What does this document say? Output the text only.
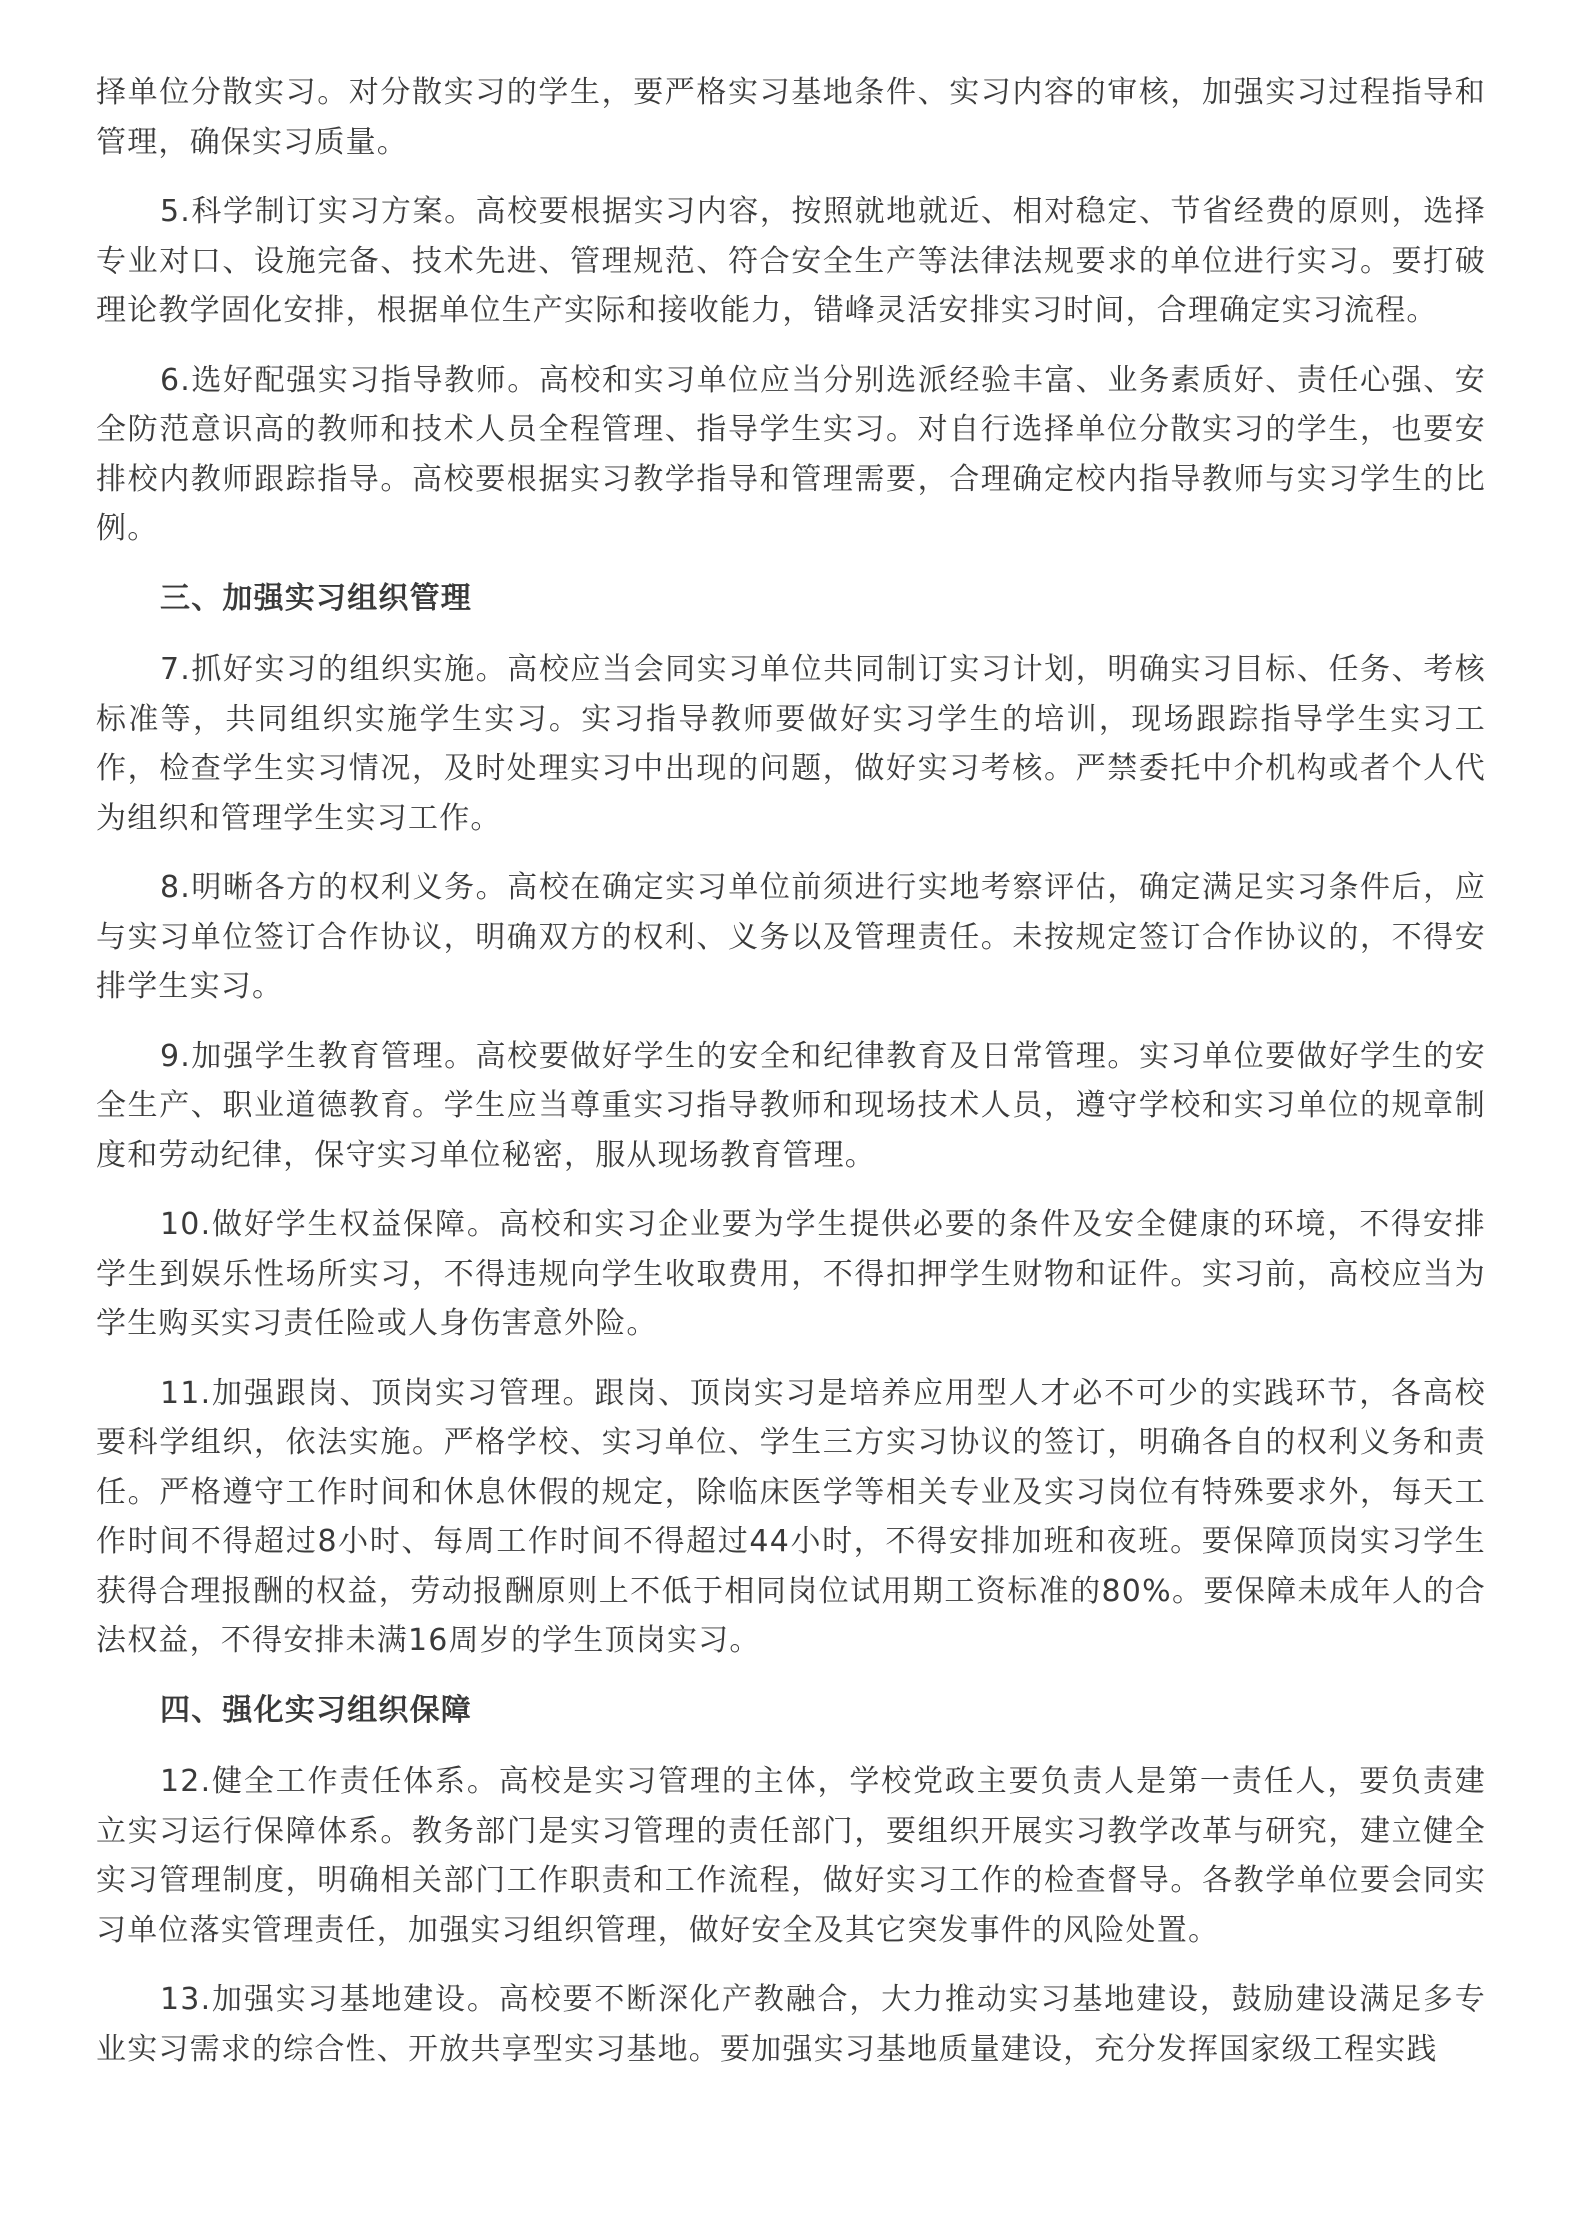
择单位分散实习。对分散实习的学生，要严格实习基地条件、实习内容的审核，加强实习过程指导和管理，确保实习质量。

5.科学制订实习方案。高校要根据实习内容，按照就地就近、相对稳定、节省经费的原则，选择专业对口、设施完备、技术先进、管理规范、符合安全生产等法律法规要求的单位进行实习。要打破理论教学固化安排，根据单位生产实际和接收能力，错峰灵活安排实习时间，合理确定实习流程。

6.选好配强实习指导教师。高校和实习单位应当分别选派经验丰富、业务素质好、责任心强、安全防范意识高的教师和技术人员全程管理、指导学生实习。对自行选择单位分散实习的学生，也要安排校内教师跟踪指导。高校要根据实习教学指导和管理需要，合理确定校内指导教师与实习学生的比例。

三、加强实习组织管理

7.抓好实习的组织实施。高校应当会同实习单位共同制订实习计划，明确实习目标、任务、考核标准等，共同组织实施学生实习。实习指导教师要做好实习学生的培训，现场跟踪指导学生实习工作，检查学生实习情况，及时处理实习中出现的问题，做好实习考核。严禁委托中介机构或者个人代为组织和管理学生实习工作。

8.明晰各方的权利义务。高校在确定实习单位前须进行实地考察评估，确定满足实习条件后，应与实习单位签订合作协议，明确双方的权利、义务以及管理责任。未按规定签订合作协议的，不得安排学生实习。

9.加强学生教育管理。高校要做好学生的安全和纪律教育及日常管理。实习单位要做好学生的安全生产、职业道德教育。学生应当尊重实习指导教师和现场技术人员，遵守学校和实习单位的规章制度和劳动纪律，保守实习单位秘密，服从现场教育管理。

10.做好学生权益保障。高校和实习企业要为学生提供必要的条件及安全健康的环境，不得安排学生到娱乐性场所实习，不得违规向学生收取费用，不得扣押学生财物和证件。实习前，高校应当为学生购买实习责任险或人身伤害意外险。

11.加强跟岗、顶岗实习管理。跟岗、顶岗实习是培养应用型人才必不可少的实践环节，各高校要科学组织，依法实施。严格学校、实习单位、学生三方实习协议的签订，明确各自的权利义务和责任。严格遵守工作时间和休息休假的规定，除临床医学等相关专业及实习岗位有特殊要求外，每天工作时间不得超过8小时、每周工作时间不得超过44小时，不得安排加班和夜班。要保障顶岗实习学生获得合理报酬的权益，劳动报酬原则上不低于相同岗位试用期工资标准的80%。要保障未成年人的合法权益，不得安排未满16周岁的学生顶岗实习。

四、强化实习组织保障

12.健全工作责任体系。高校是实习管理的主体，学校党政主要负责人是第一责任人，要负责建立实习运行保障体系。教务部门是实习管理的责任部门，要组织开展实习教学改革与研究，建立健全实习管理制度，明确相关部门工作职责和工作流程，做好实习工作的检查督导。各教学单位要会同实习单位落实管理责任，加强实习组织管理，做好安全及其它突发事件的风险处置。

13.加强实习基地建设。高校要不断深化产教融合，大力推动实习基地建设，鼓励建设满足多专业实习需求的综合性、开放共享型实习基地。要加强实习基地质量建设，充分发挥国家级工程实践
